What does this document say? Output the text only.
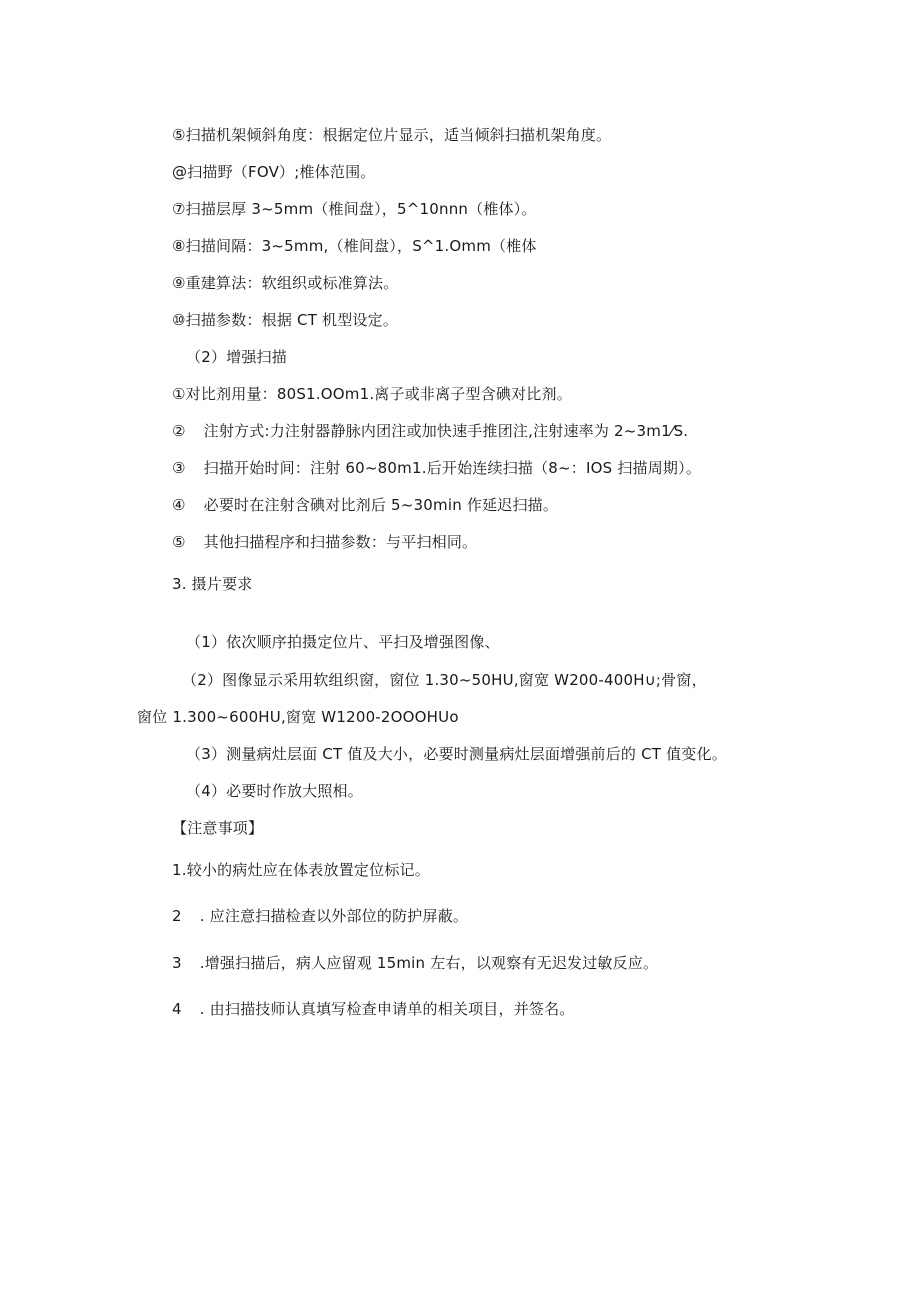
⑤扫描机架倾斜角度：根据定位片显示，适当倾斜扫描机架角度。
@扫描野（FOV）;椎体范围。
⑦扫描层厚 3~5mm（椎间盘），5^10nnn（椎体）。
⑧扫描间隔：3~5mm,（椎间盘），S^1.Omm（椎体
⑨重建算法：软组织或标准算法。
⑩扫描参数：根据 CT 机型设定。
（2）增强扫描
①对比剂用量：80S1.OOm1.离子或非离子型含碘对比剂。
② 注射方式:力注射器静脉内团注或加快速手推团注,注射速率为 2~3m1⁄S.
③ 扫描开始时间：注射 60~80m1.后开始连续扫描（8~：IOS 扫描周期）。
④ 必要时在注射含碘对比剂后 5~30min 作延迟扫描。
⑤ 其他扫描程序和扫描参数：与平扫相同。
3. 摄片要求
（1）依次顺序拍摄定位片、平扫及增强图像、
（2）图像显示采用软组织窗，窗位 1.30~50HU,窗宽 W200-400H∪;骨窗，
窗位 1.300~600HU,窗宽 W1200-2OOOHUo
（3）测量病灶层面 CT 值及大小，必要时测量病灶层面增强前后的 CT 值变化。
（4）必要时作放大照相。
【注意事项】
1.较小的病灶应在体表放置定位标记。
2 . 应注意扫描检查以外部位的防护屏蔽。
3 .增强扫描后，病人应留观 15min 左右，以观察有无迟发过敏反应。
4 . 由扫描技师认真填写检查申请单的相关项目，并签名。
